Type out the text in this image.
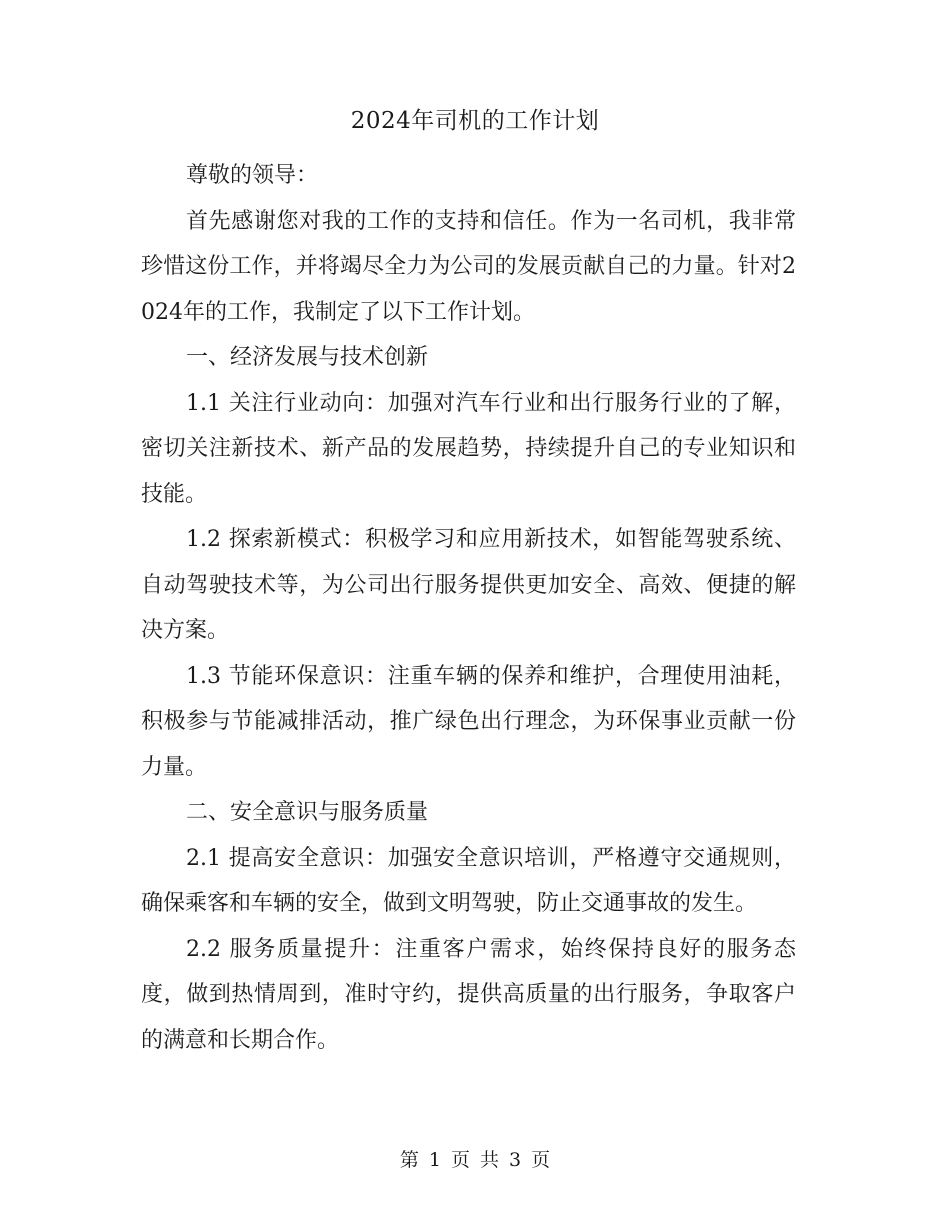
2024年司机的工作计划

尊敬的领导：

首先感谢您对我的工作的支持和信任。作为一名司机，我非常珍惜这份工作，并将竭尽全力为公司的发展贡献自己的力量。针对2024年的工作，我制定了以下工作计划。

一、经济发展与技术创新

1.1 关注行业动向：加强对汽车行业和出行服务行业的了解，密切关注新技术、新产品的发展趋势，持续提升自己的专业知识和技能。

1.2 探索新模式：积极学习和应用新技术，如智能驾驶系统、自动驾驶技术等，为公司出行服务提供更加安全、高效、便捷的解决方案。

1.3 节能环保意识：注重车辆的保养和维护，合理使用油耗，积极参与节能减排活动，推广绿色出行理念，为环保事业贡献一份力量。

二、安全意识与服务质量

2.1 提高安全意识：加强安全意识培训，严格遵守交通规则，确保乘客和车辆的安全，做到文明驾驶，防止交通事故的发生。

2.2 服务质量提升：注重客户需求，始终保持良好的服务态度，做到热情周到，准时守约，提供高质量的出行服务，争取客户的满意和长期合作。

第 1 页 共 3 页
